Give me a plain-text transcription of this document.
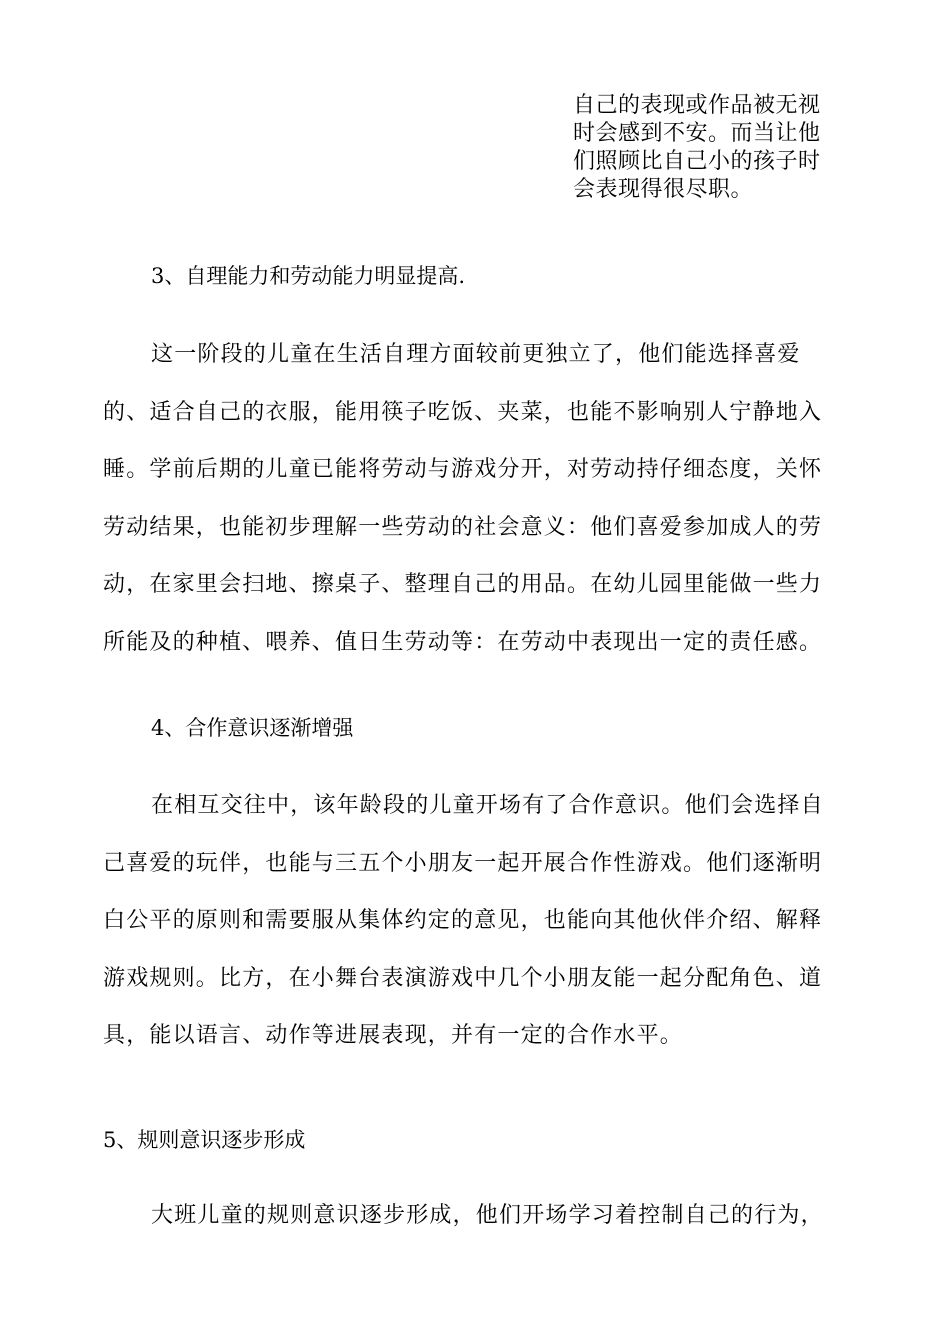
自己的表现或作品被无视
时会感到不安。而当让他
们照顾比自己小的孩子时
会表现得很尽职。
3、自理能力和劳动能力明显提高.
这一阶段的儿童在生活自理方面较前更独立了，他们能选择喜爱
的、适合自己的衣服，能用筷子吃饭、夹菜，也能不影响别人宁静地入
睡。学前后期的儿童已能将劳动与游戏分开，对劳动持仔细态度，关怀
劳动结果，也能初步理解一些劳动的社会意义：他们喜爱参加成人的劳
动，在家里会扫地、擦桌子、整理自己的用品。在幼儿园里能做一些力
所能及的种植、喂养、值日生劳动等：在劳动中表现出一定的责任感。
4、合作意识逐渐增强
在相互交往中，该年龄段的儿童开场有了合作意识。他们会选择自
己喜爱的玩伴，也能与三五个小朋友一起开展合作性游戏。他们逐渐明
白公平的原则和需要服从集体约定的意见，也能向其他伙伴介绍、解释
游戏规则。比方，在小舞台表演游戏中几个小朋友能一起分配角色、道
具，能以语言、动作等进展表现，并有一定的合作水平。
5、规则意识逐步形成
大班儿童的规则意识逐步形成，他们开场学习着控制自己的行为，
